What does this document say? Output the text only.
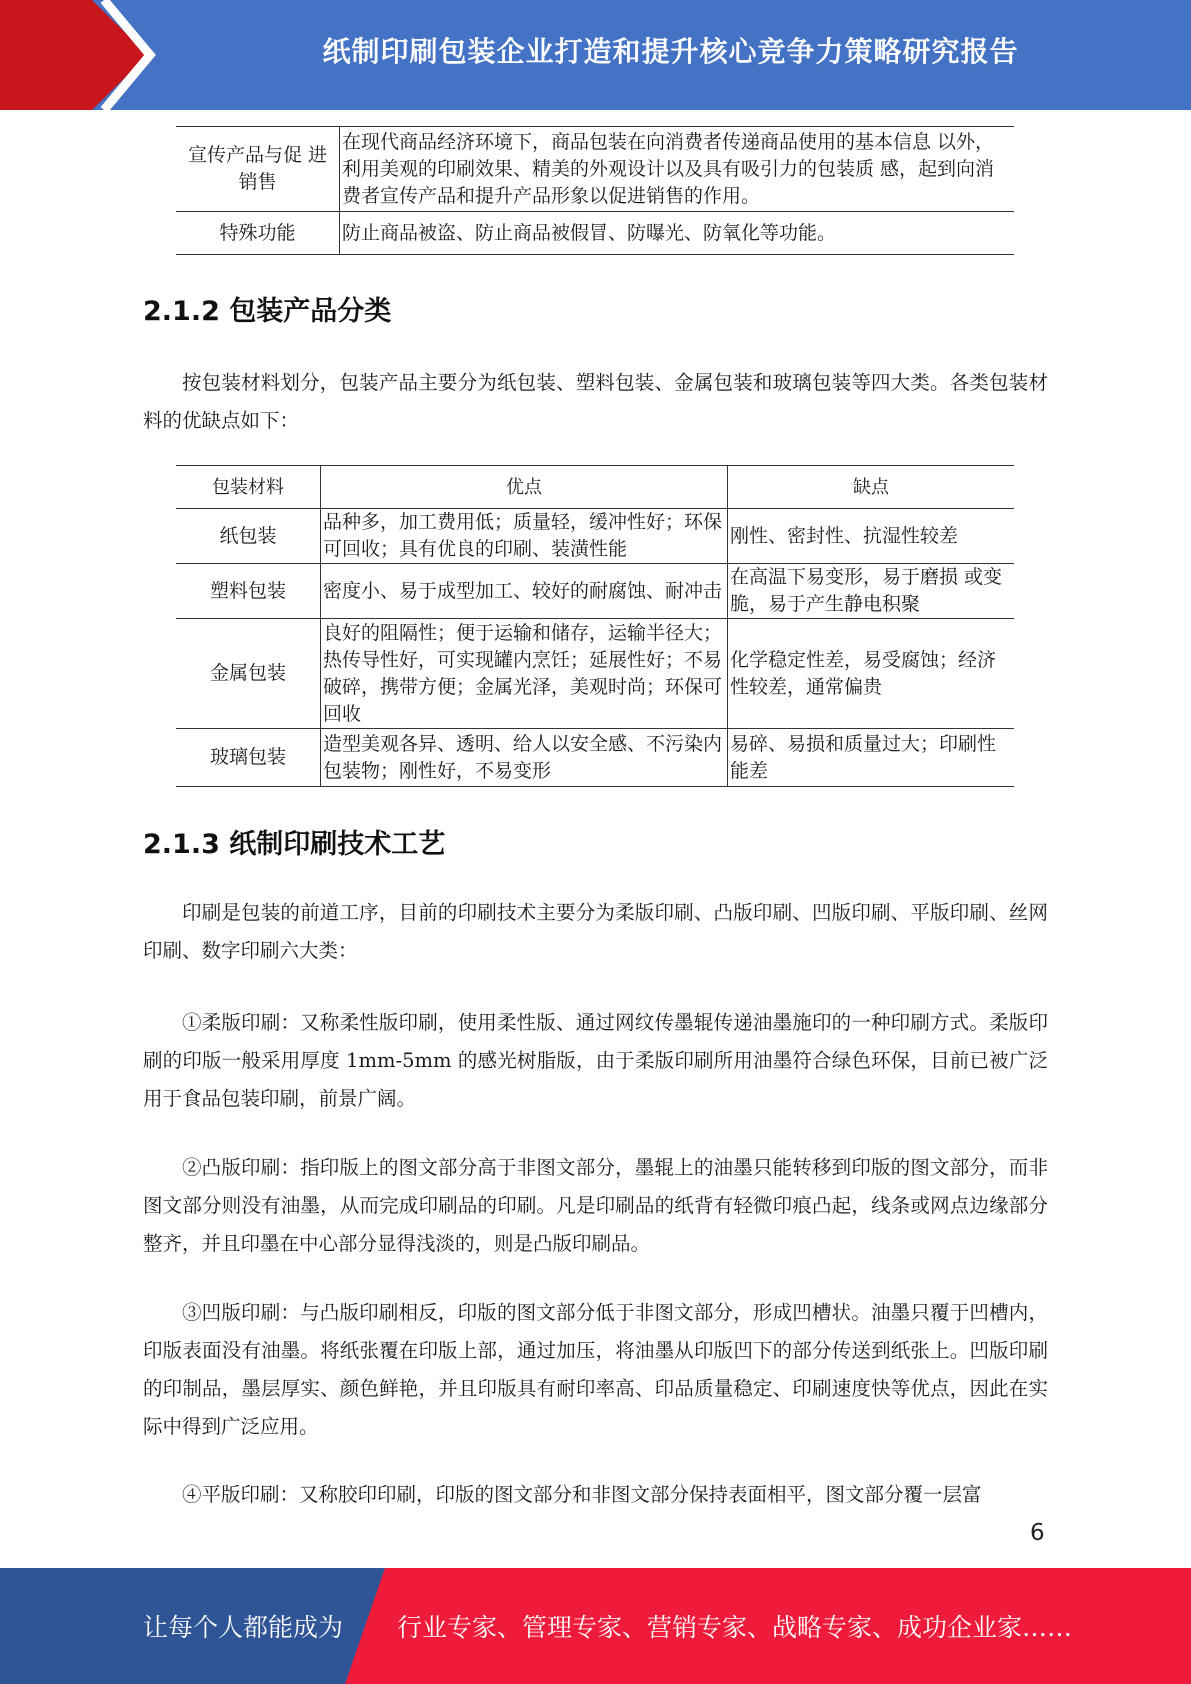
纸制印刷包装企业打造和提升核心竞争力策略研究报告
宣传产品与促 进销售	在现代商品经济环境下，商品包装在向消费者传递商品使用的基本信息 以外，利用美观的印刷效果、精美的外观设计以及具有吸引力的包装质 感，起到向消费者宣传产品和提升产品形象以促进销售的作用。
特殊功能	防止商品被盗、防止商品被假冒、防曝光、防氧化等功能。
2.1.2 包装产品分类

按包装材料划分，包装产品主要分为纸包装、塑料包装、金属包装和玻璃包装等四大类。各类包装材料的优缺点如下：

包装材料	优点	缺点
纸包装	品种多，加工费用低；质量轻，缓冲性好；环保可回收；具有优良的印刷、装潢性能	刚性、密封性、抗湿性较差
塑料包装	密度小、易于成型加工、较好的耐腐蚀、耐冲击	在高温下易变形，易于磨损 或变脆，易于产生静电积聚
金属包装	良好的阻隔性；便于运输和储存，运输半径大；热传导性好，可实现罐内烹饪；延展性好；不易破碎，携带方便；金属光泽，美观时尚；环保可回收	化学稳定性差，易受腐蚀；经济性较差，通常偏贵
玻璃包装	造型美观各异、透明、给人以安全感、不污染内包装物；刚性好，不易变形	易碎、易损和质量过大；印刷性能差
2.1.3 纸制印刷技术工艺

印刷是包装的前道工序，目前的印刷技术主要分为柔版印刷、凸版印刷、凹版印刷、平版印刷、丝网印刷、数字印刷六大类：

①柔版印刷：又称柔性版印刷，使用柔性版、通过网纹传墨辊传递油墨施印的一种印刷方式。柔版印刷的印版一般采用厚度 1mm-5mm 的感光树脂版，由于柔版印刷所用油墨符合绿色环保，目前已被广泛用于食品包装印刷，前景广阔。

②凸版印刷：指印版上的图文部分高于非图文部分，墨辊上的油墨只能转移到印版的图文部分，而非图文部分则没有油墨，从而完成印刷品的印刷。凡是印刷品的纸背有轻微印痕凸起，线条或网点边缘部分整齐，并且印墨在中心部分显得浅淡的，则是凸版印刷品。

③凹版印刷：与凸版印刷相反，印版的图文部分低于非图文部分，形成凹槽状。油墨只覆于凹槽内，印版表面没有油墨。将纸张覆在印版上部，通过加压，将油墨从印版凹下的部分传送到纸张上。凹版印刷的印制品，墨层厚实、颜色鲜艳，并且印版具有耐印率高、印品质量稳定、印刷速度快等优点，因此在实际中得到广泛应用。

④平版印刷：又称胶印印刷，印版的图文部分和非图文部分保持表面相平，图文部分覆一层富

6
让每个人都能成为 行业专家、管理专家、营销专家、战略专家、成功企业家……
